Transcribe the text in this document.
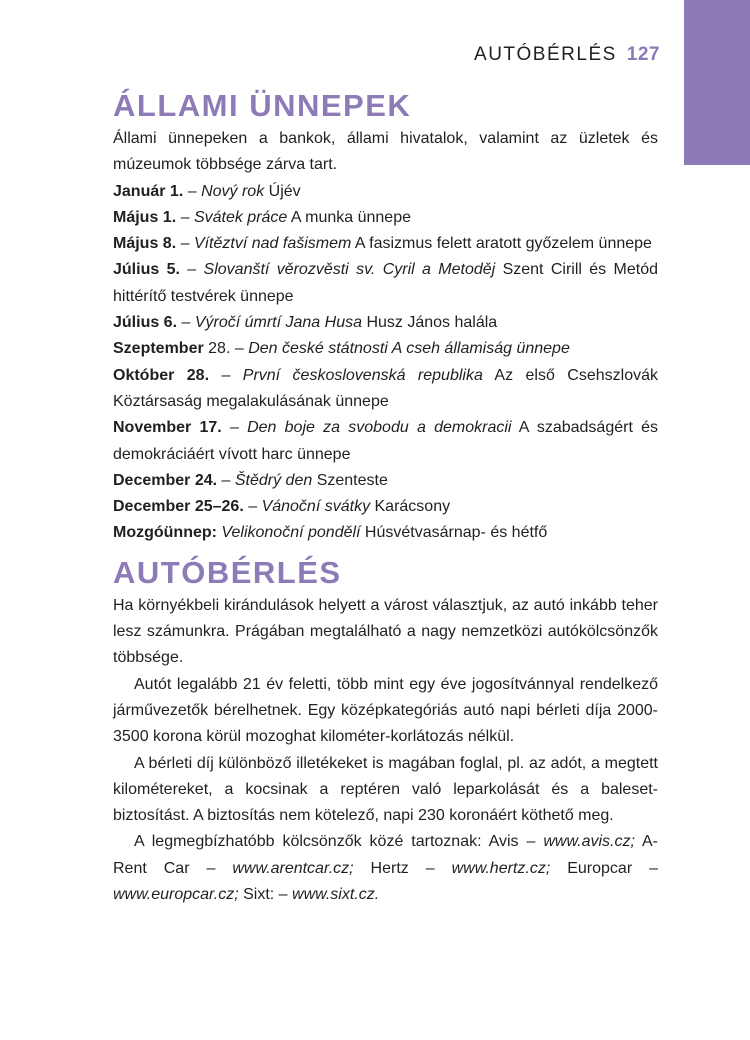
AUTÓBÉRLÉS 127
ÁLLAMI ÜNNEPEK

Állami ünnepeken a bankok, állami hivatalok, valamint az üzletek és múzeumok többsége zárva tart.

Január 1. – Nový rok Újév
Május 1. – Svátek práce A munka ünnepe
Május 8. – Vítěztví nad fašismem A fasizmus felett aratott győzelem ünnepe
Július 5. – Slovanští věrozvěsti sv. Cyril a Metoděj Szent Cirill és Metód hittérítő testvérek ünnepe
Július 6. – Výročí úmrtí Jana Husa Husz János halála
Szeptember 28. – Den české státnosti A cseh államiság ünnepe
Október 28. – První československá republika Az első Csehszlovák Köztársaság megalakulásának ünnepe
November 17. – Den boje za svobodu a demokracii A szabadságért és demokráciáért vívott harc ünnepe
December 24. – Štědrý den Szenteste
December 25–26. – Vánoční svátky Karácsony
Mozgóünnep: Velikonoční pondělí Húsvétvasárnap- és hétfő
AUTÓBÉRLÉS

Ha környékbeli kirándulások helyett a várost választjuk, az autó inkább teher lesz számunkra. Prágában megtalálható a nagy nemzetközi autókölcsönzők többsége.

Autót legalább 21 év feletti, több mint egy éve jogosítvánnyal rendelkező járművezetők bérelhetnek. Egy középkategóriás autó napi bérleti díja 2000-3500 korona körül mozoghat kilométer-korlátozás nélkül.

A bérleti díj különböző illetékeket is magában foglal, pl. az adót, a megtett kilométereket, a kocsinak a reptéren való leparkolását és a baleset-biztosítást. A biztosítás nem kötelező, napi 230 koronáért köthető meg.

A legmegbízhatóbb kölcsönzők közé tartoznak: Avis – www.avis.cz; A-Rent Car – www.arentcar.cz; Hertz – www.hertz.cz; Europcar – www.europcar.cz; Sixt: – www.sixt.cz.
